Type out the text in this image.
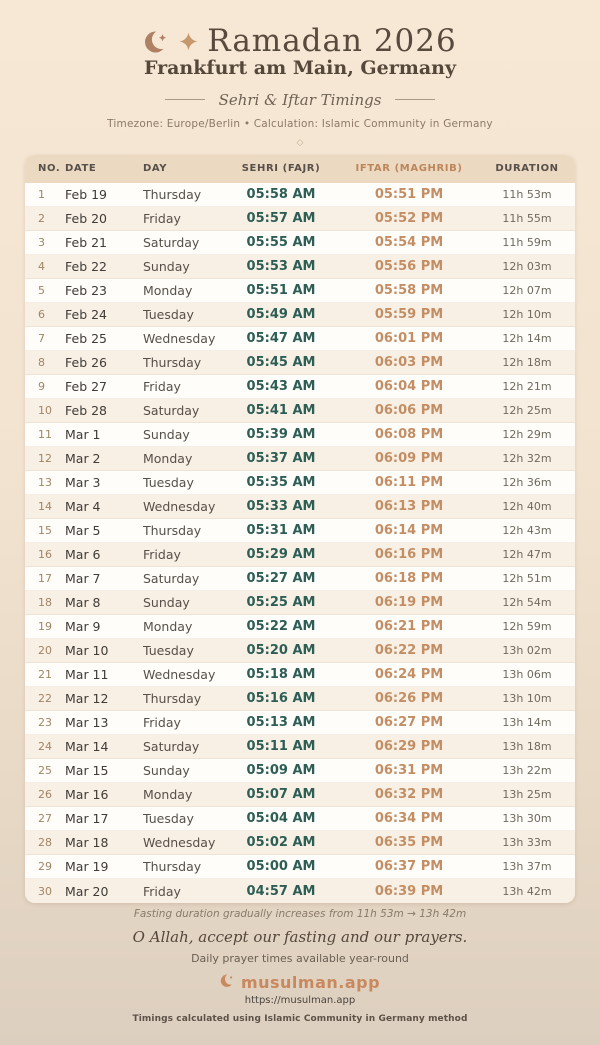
Ramadan 2026
Frankfurt am Main, Germany
Sehri & Iftar Timings
Timezone: Europe/Berlin • Calculation: Islamic Community in Germany
◇
NO.	DATE	DAY	SEHRI (FAJR)	IFTAR (MAGHRIB)	DURATION
1	Feb 19	Thursday	05:58 AM	05:51 PM	11h 53m
2	Feb 20	Friday	05:57 AM	05:52 PM	11h 55m
3	Feb 21	Saturday	05:55 AM	05:54 PM	11h 59m
4	Feb 22	Sunday	05:53 AM	05:56 PM	12h 03m
5	Feb 23	Monday	05:51 AM	05:58 PM	12h 07m
6	Feb 24	Tuesday	05:49 AM	05:59 PM	12h 10m
7	Feb 25	Wednesday	05:47 AM	06:01 PM	12h 14m
8	Feb 26	Thursday	05:45 AM	06:03 PM	12h 18m
9	Feb 27	Friday	05:43 AM	06:04 PM	12h 21m
10	Feb 28	Saturday	05:41 AM	06:06 PM	12h 25m
11	Mar 1	Sunday	05:39 AM	06:08 PM	12h 29m
12	Mar 2	Monday	05:37 AM	06:09 PM	12h 32m
13	Mar 3	Tuesday	05:35 AM	06:11 PM	12h 36m
14	Mar 4	Wednesday	05:33 AM	06:13 PM	12h 40m
15	Mar 5	Thursday	05:31 AM	06:14 PM	12h 43m
16	Mar 6	Friday	05:29 AM	06:16 PM	12h 47m
17	Mar 7	Saturday	05:27 AM	06:18 PM	12h 51m
18	Mar 8	Sunday	05:25 AM	06:19 PM	12h 54m
19	Mar 9	Monday	05:22 AM	06:21 PM	12h 59m
20	Mar 10	Tuesday	05:20 AM	06:22 PM	13h 02m
21	Mar 11	Wednesday	05:18 AM	06:24 PM	13h 06m
22	Mar 12	Thursday	05:16 AM	06:26 PM	13h 10m
23	Mar 13	Friday	05:13 AM	06:27 PM	13h 14m
24	Mar 14	Saturday	05:11 AM	06:29 PM	13h 18m
25	Mar 15	Sunday	05:09 AM	06:31 PM	13h 22m
26	Mar 16	Monday	05:07 AM	06:32 PM	13h 25m
27	Mar 17	Tuesday	05:04 AM	06:34 PM	13h 30m
28	Mar 18	Wednesday	05:02 AM	06:35 PM	13h 33m
29	Mar 19	Thursday	05:00 AM	06:37 PM	13h 37m
30	Mar 20	Friday	04:57 AM	06:39 PM	13h 42m
Fasting duration gradually increases from 11h 53m → 13h 42m
O Allah, accept our fasting and our prayers.
Daily prayer times available year-round
musulman.app
https://musulman.app
Timings calculated using Islamic Community in Germany method
